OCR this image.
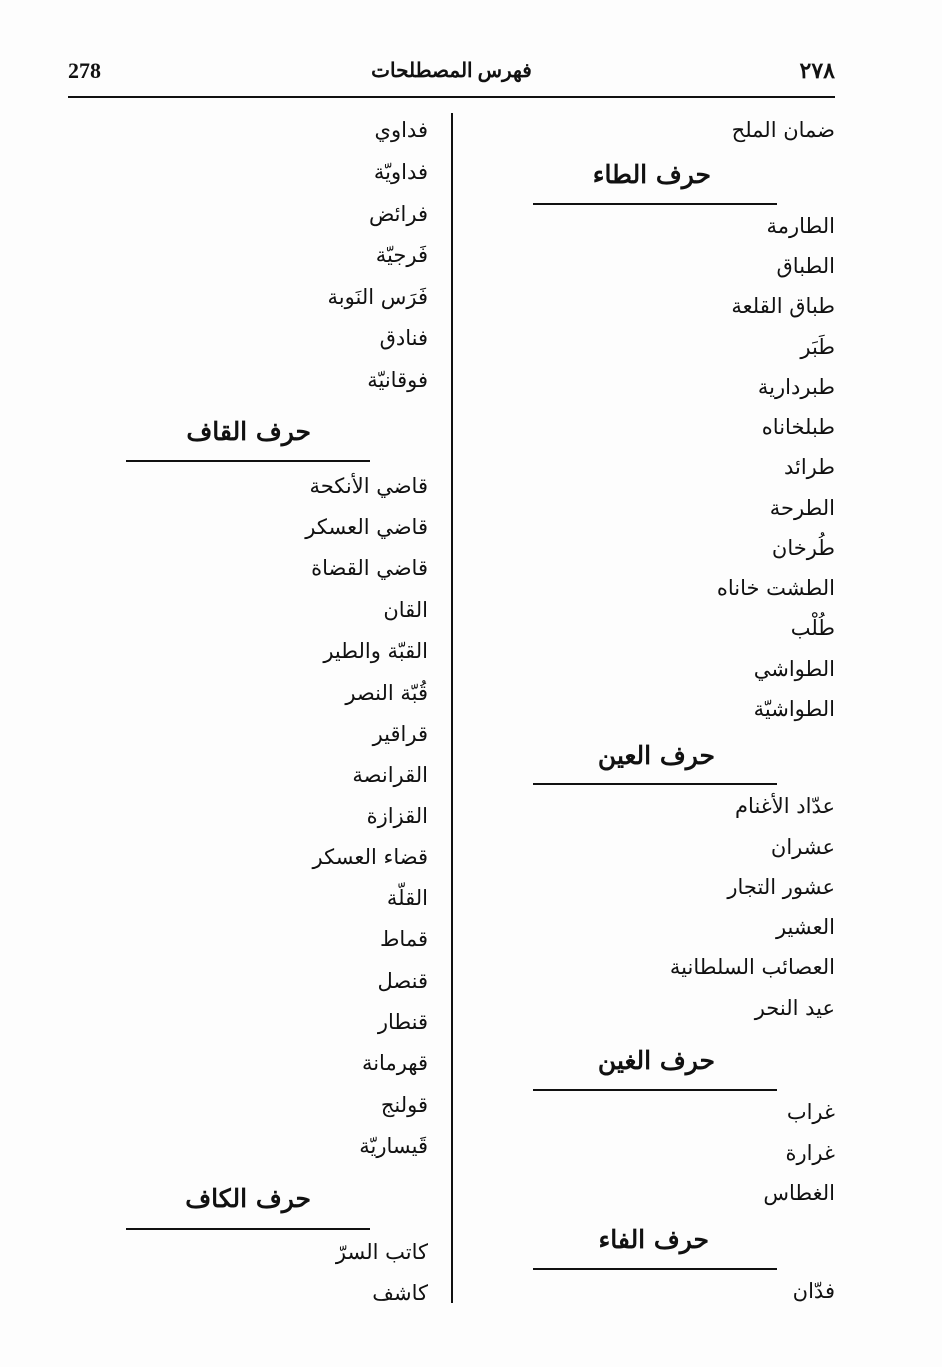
278	فهرس المصطلحات	٢٧٨
ضمان الملح
حرف الطاء
الطارمة
الطباق
طباق القلعة
طَبَر
طبردارية
طبلخاناه
طرائد
الطرحة
طُرخان
الطشت خاناه
طُلْب
الطواشي
الطواشيّة
حرف العين
عدّاد الأغنام
عشران
عشور التجار
العشير
العصائب السلطانية
عيد النحر
حرف الغين
غراب
غرارة
الغطاس
حرف الفاء
فدّان
فداوي
فداويّة
فرائض
فَرجيّة
فَرَس النَوبة
فنادق
فوقانيّة
حرف القاف
قاضي الأنكحة
قاضي العسكر
قاضي القضاة
القان
القبّة والطير
قُبّة النصر
قراقير
القرانصة
القزازة
قضاء العسكر
القلّة
قماط
قنصل
قنطار
قهرمانة
قولنج
قَيساريّة
حرف الكاف
كاتب السرّ
كاشف
